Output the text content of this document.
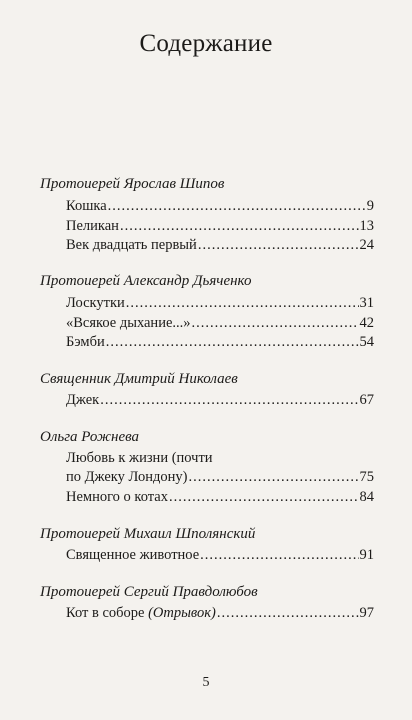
Содержание
Протоиерей Ярослав Шипов
Кошка .....	9
Пеликан .....	13
Век двадцать первый .....	24
Протоиерей Александр Дьяченко
Лоскутки .....	31
«Всякое дыхание...» .....	42
Бэмби .....	54
Священник Дмитрий Николаев
Джек .....	67
Ольга Рожнева
Любовь к жизни (почти
по Джеку Лондону) .....	75
Немного о котах .....	84
Протоиерей Михаил Шполянский
Священное животное .....	91
Протоиерей Сергий Правдолюбов
Кот в соборе (Отрывок) .....	97
5
